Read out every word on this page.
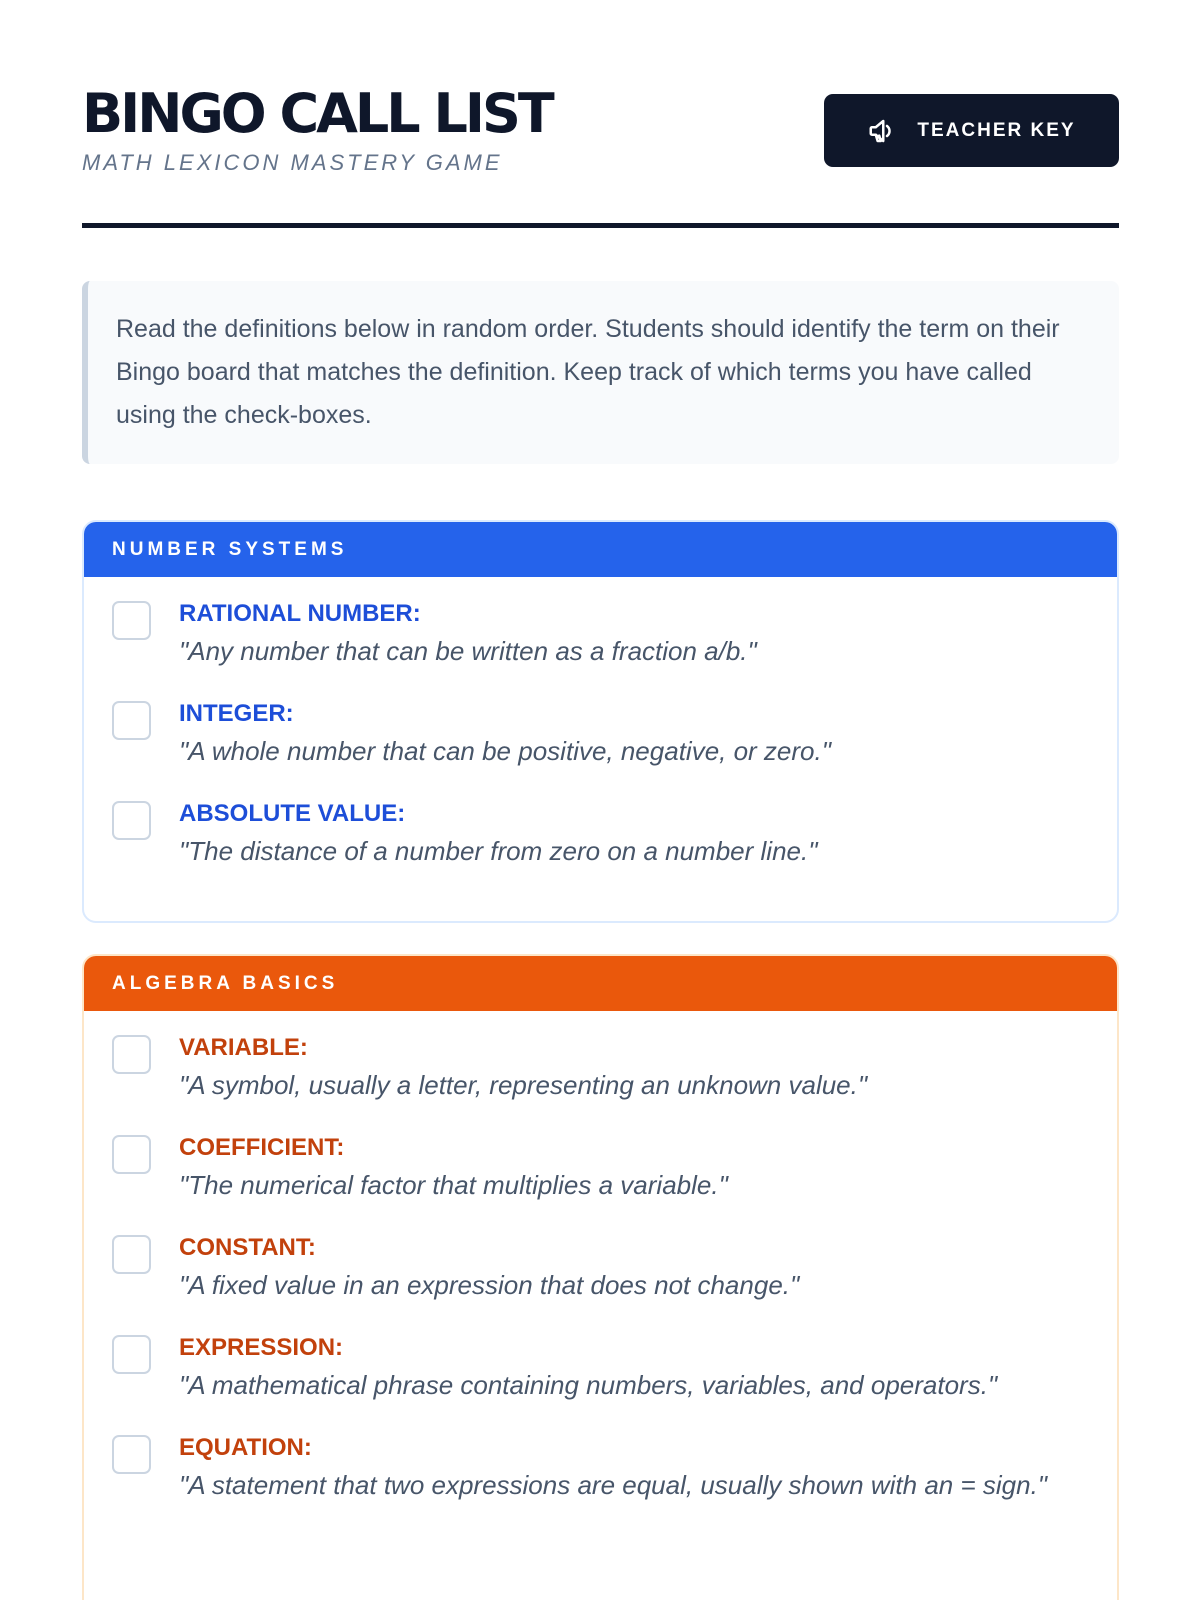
BINGO CALL LIST
MATH LEXICON MASTERY GAME
TEACHER KEY
Read the definitions below in random order. Students should identify the term on their Bingo board that matches the definition. Keep track of which terms you have called using the check-boxes.
NUMBER SYSTEMS
RATIONAL NUMBER:
"Any number that can be written as a fraction a/b."
INTEGER:
"A whole number that can be positive, negative, or zero."
ABSOLUTE VALUE:
"The distance of a number from zero on a number line."
ALGEBRA BASICS
VARIABLE:
"A symbol, usually a letter, representing an unknown value."
COEFFICIENT:
"The numerical factor that multiplies a variable."
CONSTANT:
"A fixed value in an expression that does not change."
EXPRESSION:
"A mathematical phrase containing numbers, variables, and operators."
EQUATION:
"A statement that two expressions are equal, usually shown with an = sign."
